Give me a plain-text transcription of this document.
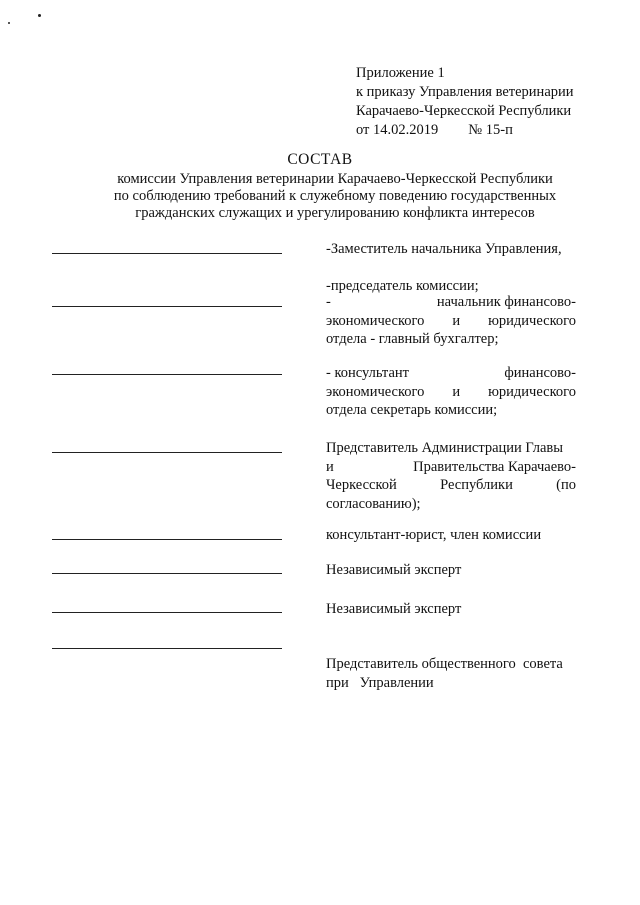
Приложение 1
к приказу Управления ветеринарии
Карачаево-Черкесской Республики
от 14.02.2019 № 15-п
СОСТАВ
комиссии Управления ветеринарии Карачаево-Черкесской Республики
по соблюдению требований к служебному поведению государственных
гражданских служащих и урегулированию конфликта интересов
-Заместитель начальника Управления,
-председатель комиссии;
-	начальник финансово-
экономического и юридического
отдела - главный бухгалтер;
- консультант	финансово-
экономического и юридического
отдела секретарь комиссии;
Представитель Администрации Главы
и	Правительства Карачаево-
Черкесской	Республики	(по
согласованию);
консультант-юрист, член комиссии
Независимый эксперт
Независимый эксперт
Представитель общественного  совета
при   Управлении
